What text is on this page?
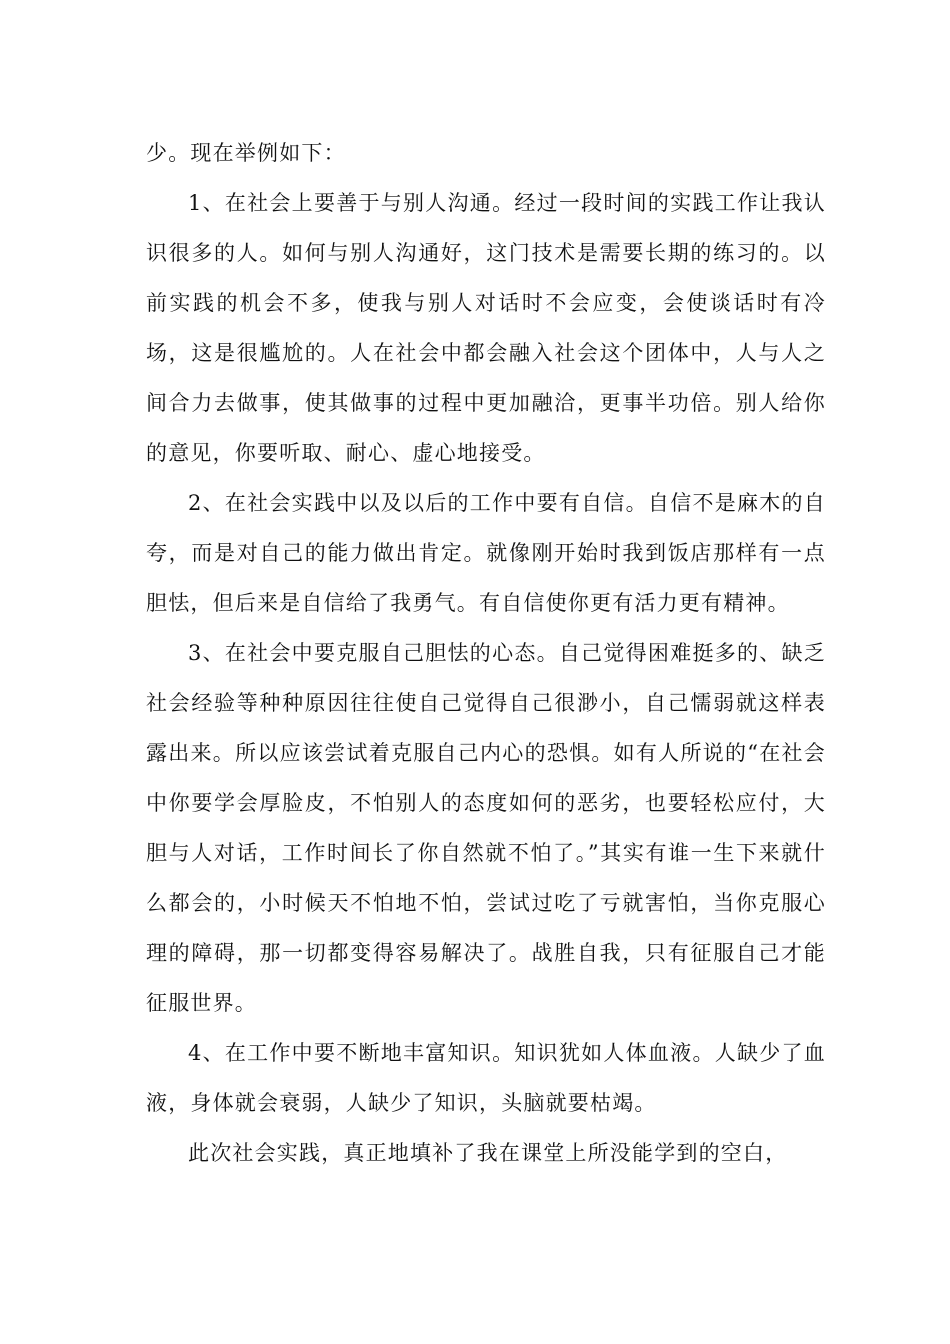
少。现在举例如下：

1、在社会上要善于与别人沟通。经过一段时间的实践工作让我认识很多的人。如何与别人沟通好，这门技术是需要长期的练习的。以前实践的机会不多，使我与别人对话时不会应变，会使谈话时有冷场，这是很尴尬的。人在社会中都会融入社会这个团体中，人与人之间合力去做事，使其做事的过程中更加融洽，更事半功倍。别人给你的意见，你要听取、耐心、虚心地接受。

2、在社会实践中以及以后的工作中要有自信。自信不是麻木的自夸，而是对自己的能力做出肯定。就像刚开始时我到饭店那样有一点胆怯，但后来是自信给了我勇气。有自信使你更有活力更有精神。

3、在社会中要克服自己胆怯的心态。自己觉得困难挺多的、缺乏社会经验等种种原因往往使自己觉得自己很渺小，自己懦弱就这样表露出来。所以应该尝试着克服自己内心的恐惧。如有人所说的“在社会中你要学会厚脸皮，不怕别人的态度如何的恶劣，也要轻松应付，大胆与人对话，工作时间长了你自然就不怕了。”其实有谁一生下来就什么都会的，小时候天不怕地不怕，尝试过吃了亏就害怕，当你克服心理的障碍，那一切都变得容易解决了。战胜自我，只有征服自己才能征服世界。

4、在工作中要不断地丰富知识。知识犹如人体血液。人缺少了血液，身体就会衰弱，人缺少了知识，头脑就要枯竭。

此次社会实践，真正地填补了我在课堂上所没能学到的空白，
